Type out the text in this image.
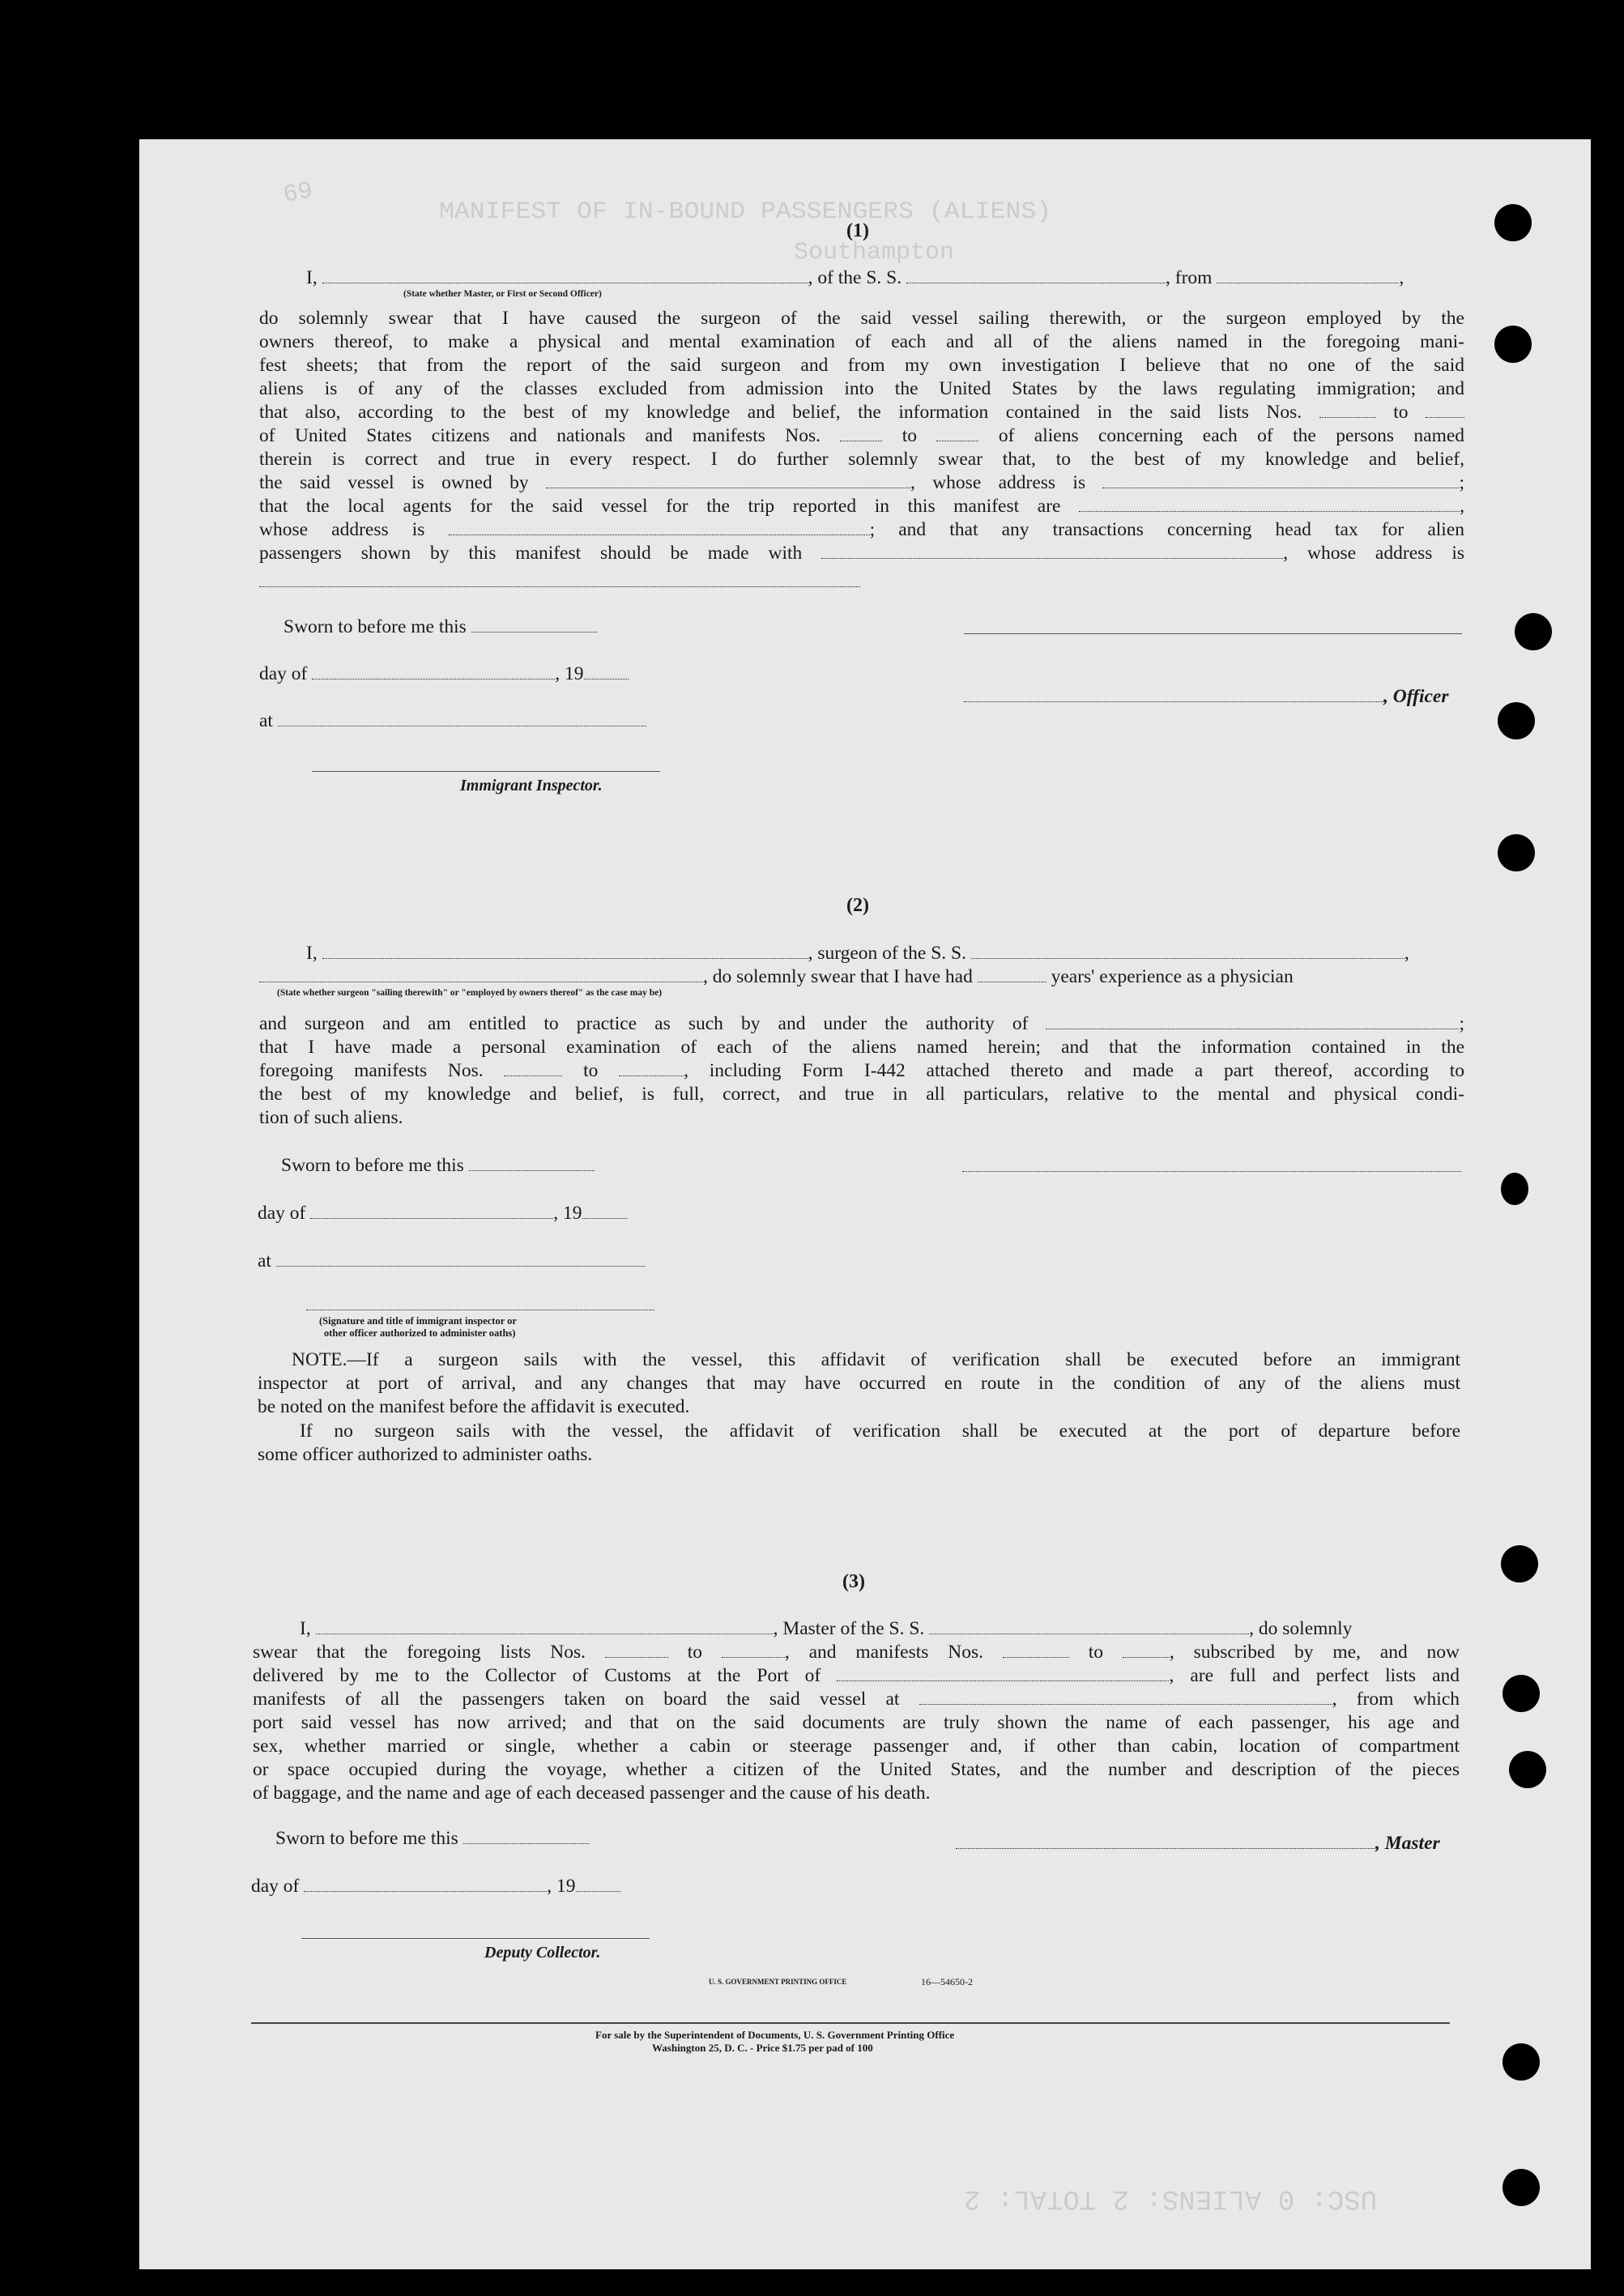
MANIFEST OF IN-BOUND PASSENGERS (ALIENS)
Southampton
69
USC: 0 ALIENS: 2 TOTAL: 2
(1)
I,	, of the S. S.	, from	,
(State whether Master, or First or Second Officer)
do solemnly swear that I have caused the surgeon of the said vessel sailing therewith, or the surgeon employed by the
owners thereof, to make a physical and mental examination of each and all of the aliens named in the foregoing mani-
fest sheets; that from the report of the said surgeon and from my own investigation I believe that no one of the said
aliens is of any of the classes excluded from admission into the United States by the laws regulating immigration; and
that also, according to the best of my knowledge and belief, the information contained in the said lists Nos.	to
of United States citizens and nationals and manifests Nos.	to	of aliens concerning each of the persons named
therein is correct and true in every respect. I do further solemnly swear that, to the best of my knowledge and belief,
the said vessel is owned by	, whose address is	;
that the local agents for the said vessel for the trip reported in this manifest are	,
whose address is	; and that any transactions concerning head tax for alien
passengers shown by this manifest should be made with	, whose address is
Sworn to before me this
day of	, 19
, Officer
at
Immigrant Inspector.
(2)
I,	, surgeon of the S. S.	,
, do solemnly swear that I have had	years' experience as a physician
(State whether surgeon "sailing therewith" or "employed by owners thereof" as the case may be)
and surgeon and am entitled to practice as such by and under the authority of	;
that I have made a personal examination of each of the aliens named herein; and that the information contained in the
foregoing manifests Nos.	to	, including Form I-442 attached thereto and made a part thereof, according to
the best of my knowledge and belief, is full, correct, and true in all particulars, relative to the mental and physical condi-
tion of such aliens.
Sworn to before me this
day of	, 19
at
(Signature and title of immigrant inspector or
other officer authorized to administer oaths)
NOTE.—If a surgeon sails with the vessel, this affidavit of verification shall be executed before an immigrant
inspector at port of arrival, and any changes that may have occurred en route in the condition of any of the aliens must
be noted on the manifest before the affidavit is executed.
If no surgeon sails with the vessel, the affidavit of verification shall be executed at the port of departure before
some officer authorized to administer oaths.
(3)
I,	, Master of the S. S.	, do solemnly
swear that the foregoing lists Nos.	to	, and manifests Nos.	to	, subscribed by me, and now
delivered by me to the Collector of Customs at the Port of	, are full and perfect lists and
manifests of all the passengers taken on board the said vessel at	, from which
port said vessel has now arrived; and that on the said documents are truly shown the name of each passenger, his age and
sex, whether married or single, whether a cabin or steerage passenger and, if other than cabin, location of compartment
or space occupied during the voyage, whether a citizen of the United States, and the number and description of the pieces
of baggage, and the name and age of each deceased passenger and the cause of his death.
Sworn to before me this	, Master
day of	, 19
Deputy Collector.
U. S. GOVERNMENT PRINTING OFFICE	16—54650-2
For sale by the Superintendent of Documents, U. S. Government Printing Office
Washington 25, D. C. - Price $1.75 per pad of 100
